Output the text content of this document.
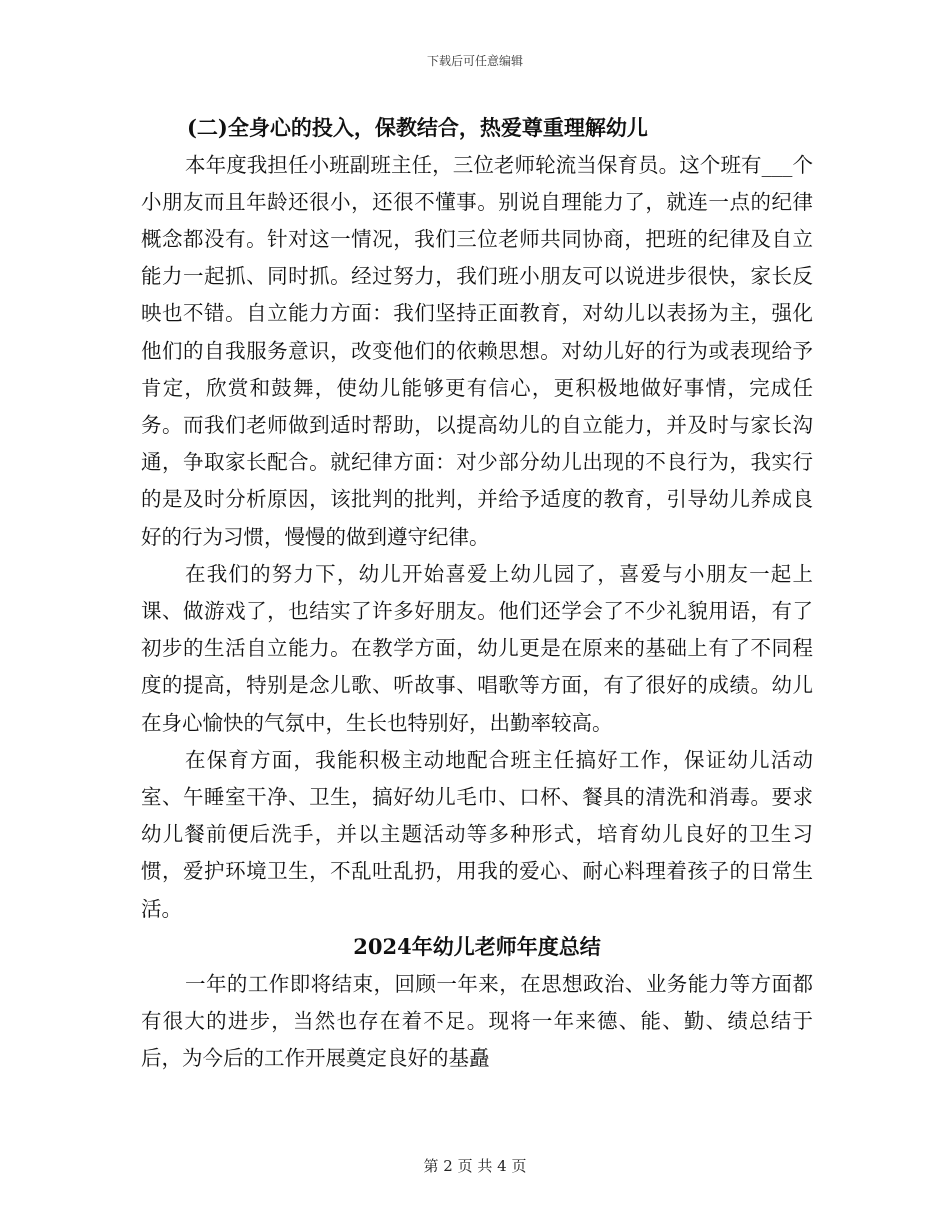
下载后可任意编辑

(二)全身心的投入，保教结合，热爱尊重理解幼儿

本年度我担任小班副班主任，三位老师轮流当保育员。这个班有___个小朋友而且年龄还很小，还很不懂事。别说自理能力了，就连一点的纪律概念都没有。针对这一情况，我们三位老师共同协商，把班的纪律及自立能力一起抓、同时抓。经过努力，我们班小朋友可以说进步很快，家长反映也不错。自立能力方面：我们坚持正面教育，对幼儿以表扬为主，强化他们的自我服务意识，改变他们的依赖思想。对幼儿好的行为或表现给予肯定，欣赏和鼓舞，使幼儿能够更有信心，更积极地做好事情，完成任务。而我们老师做到适时帮助，以提高幼儿的自立能力，并及时与家长沟通，争取家长配合。就纪律方面：对少部分幼儿出现的不良行为，我实行的是及时分析原因，该批判的批判，并给予适度的教育，引导幼儿养成良好的行为习惯，慢慢的做到遵守纪律。

在我们的努力下，幼儿开始喜爱上幼儿园了，喜爱与小朋友一起上课、做游戏了，也结实了许多好朋友。他们还学会了不少礼貌用语，有了初步的生活自立能力。在教学方面，幼儿更是在原来的基础上有了不同程度的提高，特别是念儿歌、听故事、唱歌等方面，有了很好的成绩。幼儿在身心愉快的气氛中，生长也特别好，出勤率较高。

在保育方面，我能积极主动地配合班主任搞好工作，保证幼儿活动室、午睡室干净、卫生，搞好幼儿毛巾、口杯、餐具的清洗和消毒。要求幼儿餐前便后洗手，并以主题活动等多种形式，培育幼儿良好的卫生习惯，爱护环境卫生，不乱吐乱扔，用我的爱心、耐心料理着孩子的日常生活。

2024年幼儿老师年度总结

一年的工作即将结束，回顾一年来，在思想政治、业务能力等方面都有很大的进步，当然也存在着不足。现将一年来德、能、勤、绩总结于后，为今后的工作开展奠定良好的基矗

第 2 页 共 4 页
